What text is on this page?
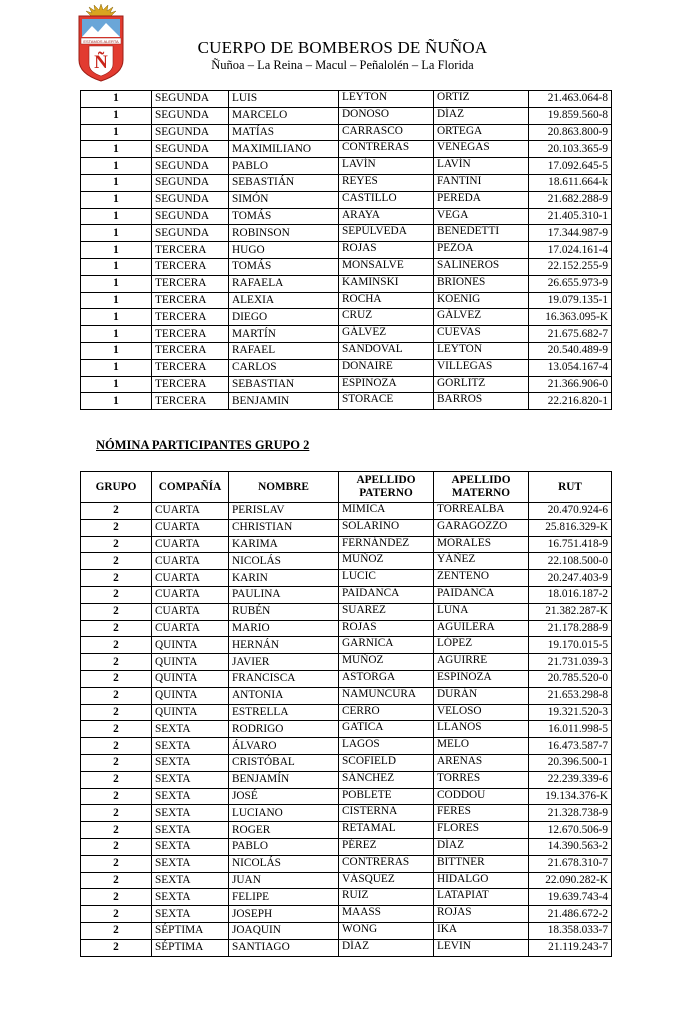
ESTAMOS ALERTA
Ñ
CUERPO DE BOMBEROS DE ÑUÑOA
Ñuñoa – La Reina – Macul – Peñalolén – La Florida
1	SEGUNDA	LUIS	LEYTON	ORTIZ	21.463.064-8
1	SEGUNDA	MARCELO	DONOSO	DÍAZ	19.859.560-8
1	SEGUNDA	MATÍAS	CARRASCO	ORTEGA	20.863.800-9
1	SEGUNDA	MAXIMILIANO	CONTRERAS	VENEGAS	20.103.365-9
1	SEGUNDA	PABLO	LAVÍN	LAVÍN	17.092.645-5
1	SEGUNDA	SEBASTIÁN	REYES	FANTINI	18.611.664-k
1	SEGUNDA	SIMÓN	CASTILLO	PEREDA	21.682.288-9
1	SEGUNDA	TOMÁS	ARAYA	VEGA	21.405.310-1
1	SEGUNDA	ROBINSON	SEPÚLVEDA	BENEDETTI	17.344.987-9
1	TERCERA	HUGO	ROJAS	PEZOA	17.024.161-4
1	TERCERA	TOMÁS	MONSALVE	SALINEROS	22.152.255-9
1	TERCERA	RAFAELA	KAMINSKI	BRIONES	26.655.973-9
1	TERCERA	ALEXIA	ROCHA	KOENIG	19.079.135-1
1	TERCERA	DIEGO	CRUZ	GÁLVEZ	16.363.095-K
1	TERCERA	MARTÍN	GÁLVEZ	CUEVAS	21.675.682-7
1	TERCERA	RAFAEL	SANDOVAL	LEYTON	20.540.489-9
1	TERCERA	CARLOS	DONAIRE	VILLEGAS	13.054.167-4
1	TERCERA	SEBASTIAN	ESPINOZA	GORLITZ	21.366.906-0
1	TERCERA	BENJAMIN	STORACE	BARROS	22.216.820-1
NÓMINA PARTICIPANTES GRUPO 2
GRUPO	COMPAÑÍA	NOMBRE	APELLIDO PATERNO	APELLIDO MATERNO	RUT
2	CUARTA	PERISLAV	MIMICA	TORREALBA	20.470.924-6
2	CUARTA	CHRISTIAN	SOLARINO	GARAGOZZO	25.816.329-K
2	CUARTA	KARIMA	FERNÁNDEZ	MORALES	16.751.418-9
2	CUARTA	NICOLÁS	MUÑOZ	YÁÑEZ	22.108.500-0
2	CUARTA	KARIN	LUCIC	ZENTENO	20.247.403-9
2	CUARTA	PAULINA	PAIDANCA	PAIDANCA	18.016.187-2
2	CUARTA	RUBÉN	SUAREZ	LUNA	21.382.287-K
2	CUARTA	MARIO	ROJAS	AGUILERA	21.178.288-9
2	QUINTA	HERNÁN	GARNICA	LÓPEZ	19.170.015-5
2	QUINTA	JAVIER	MUÑOZ	AGUIRRE	21.731.039-3
2	QUINTA	FRANCISCA	ASTORGA	ESPINOZA	20.785.520-0
2	QUINTA	ANTONIA	NAMUNCURA	DURÁN	21.653.298-8
2	QUINTA	ESTRELLA	CERRO	VELOSO	19.321.520-3
2	SEXTA	RODRIGO	GATICA	LLANOS	16.011.998-5
2	SEXTA	ÁLVARO	LAGOS	MELO	16.473.587-7
2	SEXTA	CRISTÓBAL	SCOFIELD	ARENAS	20.396.500-1
2	SEXTA	BENJAMÍN	SÁNCHEZ	TORRES	22.239.339-6
2	SEXTA	JOSÉ	POBLETE	CODDOU	19.134.376-K
2	SEXTA	LUCIANO	CISTERNA	FERES	21.328.738-9
2	SEXTA	ROGER	RETAMAL	FLORES	12.670.506-9
2	SEXTA	PABLO	PÉREZ	DÍAZ	14.390.563-2
2	SEXTA	NICOLÁS	CONTRERAS	BITTNER	21.678.310-7
2	SEXTA	JUAN	VÁSQUEZ	HIDALGO	22.090.282-K
2	SEXTA	FELIPE	RUIZ	LATAPIAT	19.639.743-4
2	SEXTA	JOSEPH	MAASS	ROJAS	21.486.672-2
2	SÉPTIMA	JOAQUIN	WONG	IKA	18.358.033-7
2	SÉPTIMA	SANTIAGO	DÍAZ	LEVIN	21.119.243-7
